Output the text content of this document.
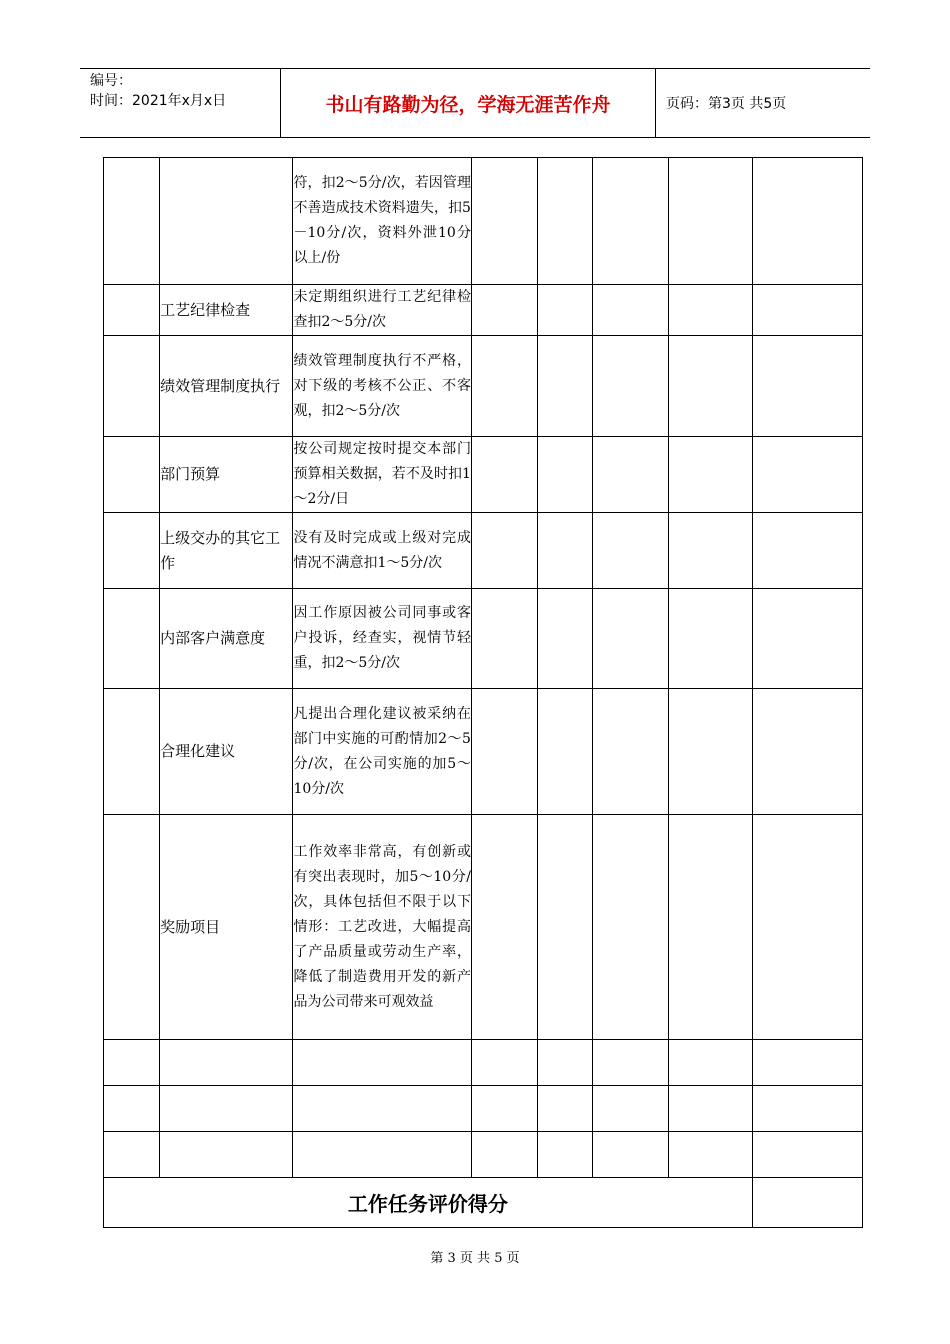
编号：
时间：2021年x月x日	书山有路勤为径，学海无涯苦作舟	页码：第3页 共5页
		符，扣2～5分/次，若因管理不善造成技术资料遗失，扣5－10分/次，资料外泄10分以上/份					
	工艺纪律检查	未定期组织进行工艺纪律检查扣2～5分/次					
	绩效管理制度执行	绩效管理制度执行不严格，对下级的考核不公正、不客观，扣2～5分/次					
	部门预算	按公司规定按时提交本部门预算相关数据，若不及时扣1～2分/日					
	上级交办的其它工作	没有及时完成或上级对完成情况不满意扣1～5分/次					
	内部客户满意度	因工作原因被公司同事或客户投诉，经查实，视情节轻重，扣2～5分/次					
	合理化建议	凡提出合理化建议被采纳在部门中实施的可酌情加2～5分/次，在公司实施的加5～10分/次					
	奖励项目	工作效率非常高，有创新或有突出表现时，加5～10分/次，具体包括但不限于以下情形：工艺改进，大幅提高了产品质量或劳动生产率，降低了制造费用开发的新产品为公司带来可观效益					

工作任务评价得分							
第 3 页 共 5 页
